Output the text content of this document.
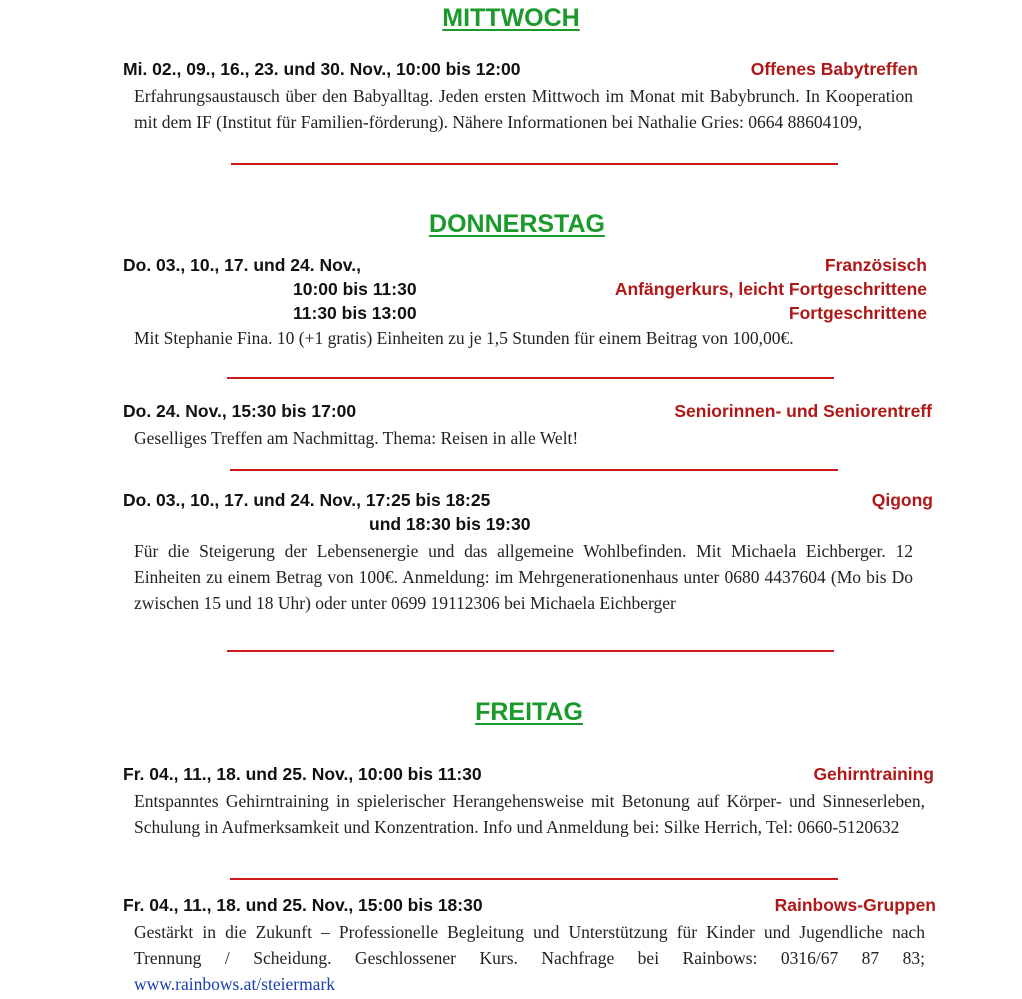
MITTWOCH
Mi. 02., 09., 16., 23. und 30. Nov., 10:00 bis 12:00	Offenes Babytreffen
Erfahrungsaustausch über den Babyalltag. Jeden ersten Mittwoch im Monat mit Babybrunch. In Kooperation mit dem IF (Institut für Familien-förderung). Nähere Informationen bei Nathalie Gries: 0664 88604109,
DONNERSTAG
Do. 03., 10., 17. und 24. Nov.,	Französisch
10:00 bis 11:30	Anfängerkurs, leicht Fortgeschrittene
11:30 bis 13:00	Fortgeschrittene
Mit Stephanie Fina. 10 (+1 gratis) Einheiten zu je 1,5 Stunden für einem Beitrag von 100,00€.
Do. 24. Nov., 15:30 bis 17:00	Seniorinnen- und Seniorentreff
Geselliges Treffen am Nachmittag. Thema: Reisen in alle Welt!
Do. 03., 10., 17. und 24. Nov., 17:25 bis 18:25	Qigong
und 18:30 bis 19:30
Für die Steigerung der Lebensenergie und das allgemeine Wohlbefinden. Mit Michaela Eichberger. 12 Einheiten zu einem Betrag von 100€. Anmeldung: im Mehrgenerationenhaus unter 0680 4437604 (Mo bis Do zwischen 15 und 18 Uhr) oder unter 0699 19112306 bei Michaela Eichberger
FREITAG
Fr. 04., 11., 18. und 25. Nov., 10:00 bis 11:30	Gehirntraining
Entspanntes Gehirntraining in spielerischer Herangehensweise mit Betonung auf Körper- und Sinneserleben, Schulung in Aufmerksamkeit und Konzentration. Info und Anmeldung bei: Silke Herrich, Tel: 0660-5120632
Fr. 04., 11., 18. und 25. Nov., 15:00 bis 18:30	Rainbows-Gruppen
Gestärkt in die Zukunft – Professionelle Begleitung und Unterstützung für Kinder und Jugendliche nach Trennung / Scheidung. Geschlossener Kurs. Nachfrage bei Rainbows: 0316/67 87 83; www.rainbows.at/steiermark
